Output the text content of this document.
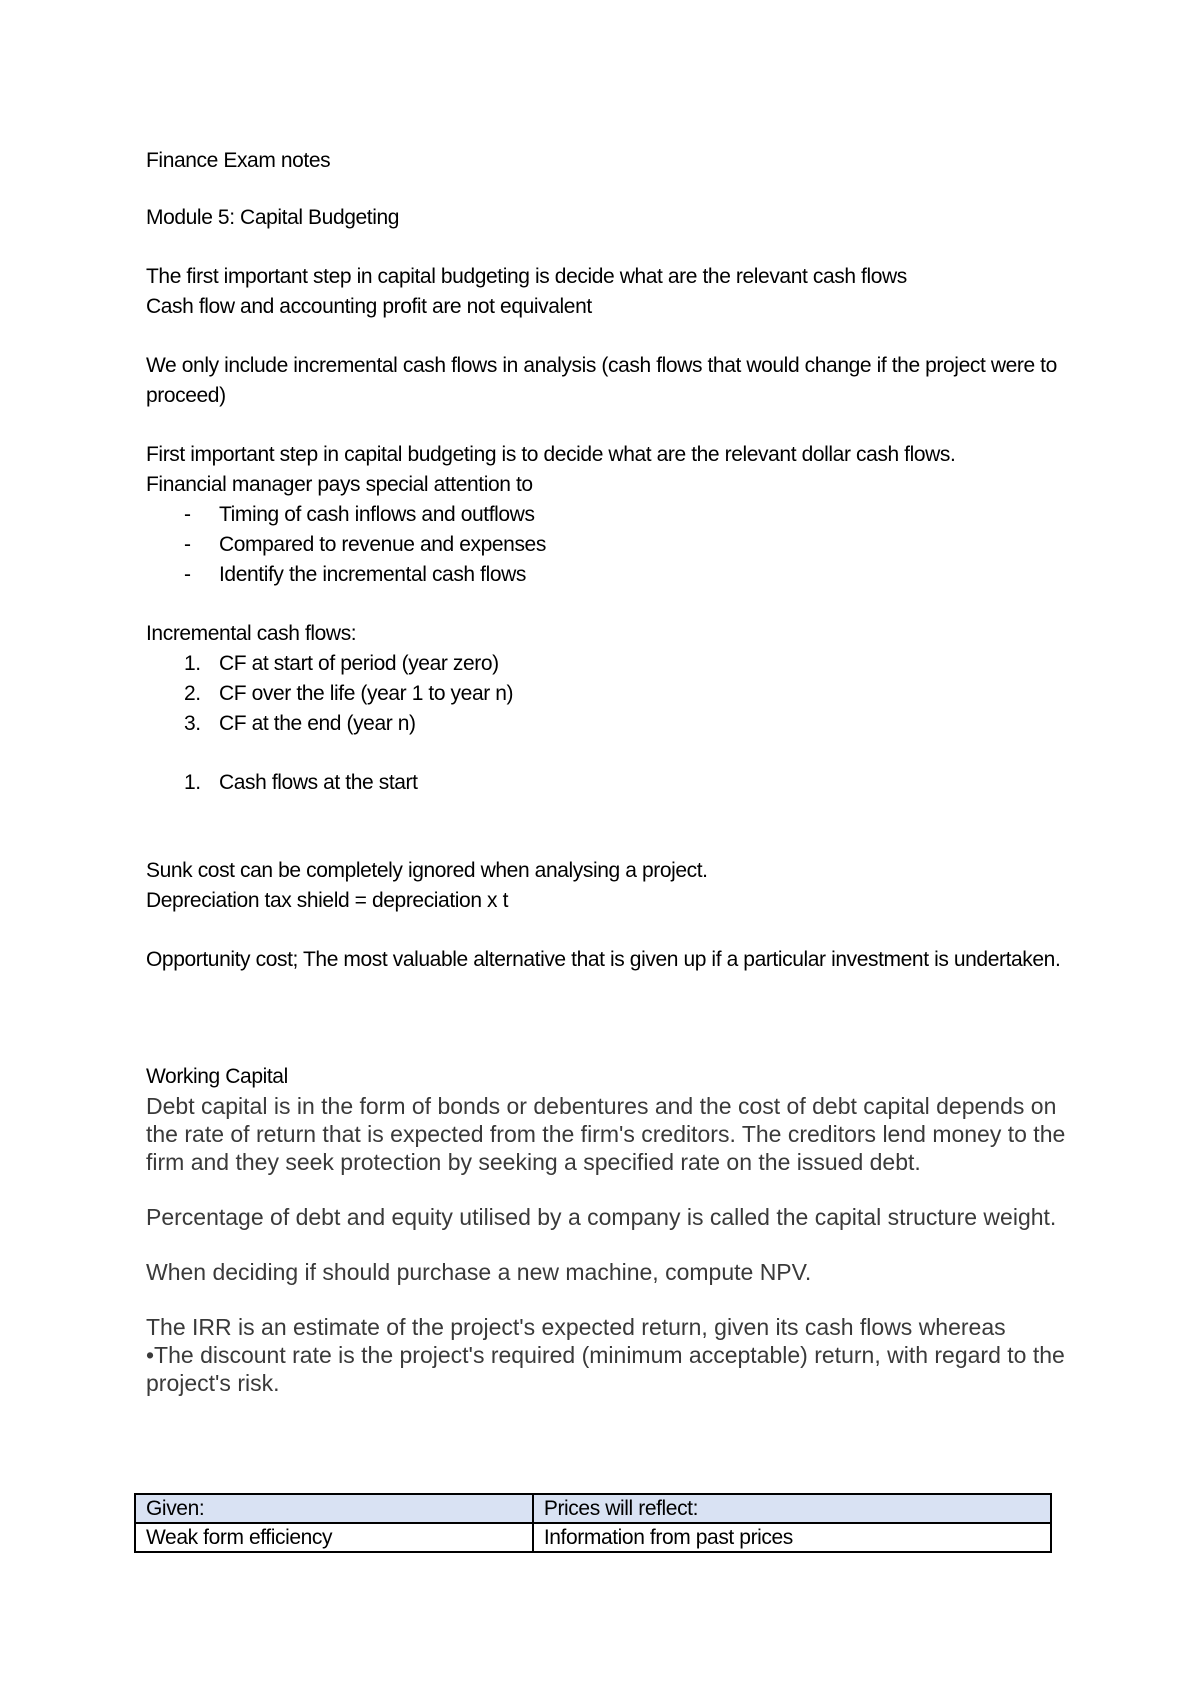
Finance Exam notes

Module 5: Capital Budgeting

The first important step in capital budgeting is decide what are the relevant cash flows

Cash flow and accounting profit are not equivalent

We only include incremental cash flows in analysis (cash flows that would change if the project were to proceed)

First important step in capital budgeting is to decide what are the relevant dollar cash flows.

Financial manager pays special attention to

-	Timing of cash inflows and outflows
-	Compared to revenue and expenses
-	Identify the incremental cash flows

Incremental cash flows:

1. CF at start of period (year zero)
2. CF over the life (year 1 to year n)
3. CF at the end (year n)
1. Cash flows at the start

Sunk cost can be completely ignored when analysing a project.

Depreciation tax shield = depreciation x t

Opportunity cost; The most valuable alternative that is given up if a particular investment is undertaken.

Working Capital

Debt capital is in the form of bonds or debentures and the cost of debt capital depends on the rate of return that is expected from the firm's creditors. The creditors lend money to the firm and they seek protection by seeking a specified rate on the issued debt.

Percentage of debt and equity utilised by a company is called the capital structure weight.

When deciding if should purchase a new machine, compute NPV.

The IRR is an estimate of the project's expected return, given its cash flows whereas

•The discount rate is the project's required (minimum acceptable) return, with regard to the project's risk.

Given:	Prices will reflect:
Weak form efficiency	Information from past prices
